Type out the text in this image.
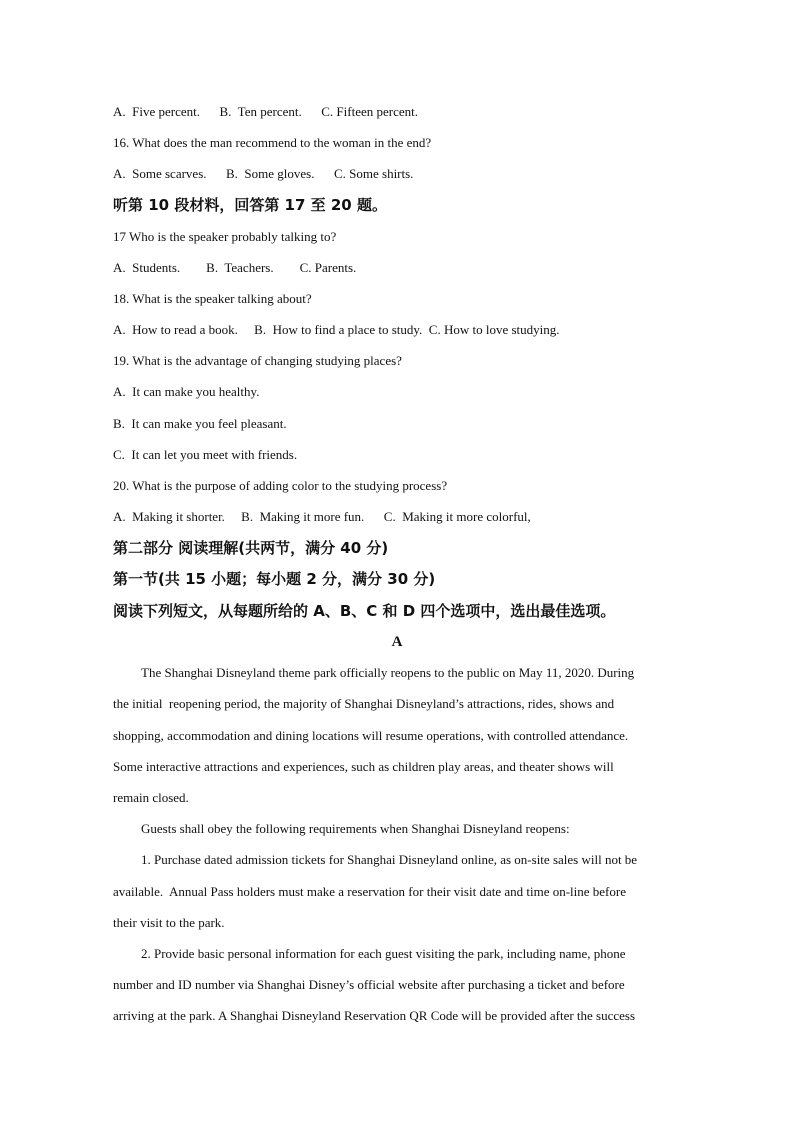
A.  Five percent.      B.  Ten percent.      C. Fifteen percent.
16. What does the man recommend to the woman in the end?
A.  Some scarves.      B.  Some gloves.      C. Some shirts.
听第 10 段材料，回答第 17 至 20 题。
17 Who is the speaker probably talking to?
A.  Students.        B.  Teachers.        C. Parents.
18. What is the speaker talking about?
A.  How to read a book.     B.  How to find a place to study.  C. How to love studying.
19. What is the advantage of changing studying places?
A.  It can make you healthy.
B.  It can make you feel pleasant.
C.  It can let you meet with friends.
20. What is the purpose of adding color to the studying process?
A.  Making it shorter.     B.  Making it more fun.      C.  Making it more colorful,
第二部分 阅读理解(共两节，满分 40 分)
第一节(共 15 小题；每小题 2 分，满分 30 分)
阅读下列短文，从每题所给的 A、B、C 和 D 四个选项中，选出最佳选项。
A
The Shanghai Disneyland theme park officially reopens to the public on May 11, 2020. During
the initial  reopening period, the majority of Shanghai Disneyland’s attractions, rides, shows and
shopping, accommodation and dining locations will resume operations, with controlled attendance.
Some interactive attractions and experiences, such as children play areas, and theater shows will
remain closed.
Guests shall obey the following requirements when Shanghai Disneyland reopens:
1. Purchase dated admission tickets for Shanghai Disneyland online, as on-site sales will not be
available.  Annual Pass holders must make a reservation for their visit date and time on-line before
their visit to the park.
2. Provide basic personal information for each guest visiting the park, including name, phone
number and ID number via Shanghai Disney’s official website after purchasing a ticket and before
arriving at the park. A Shanghai Disneyland Reservation QR Code will be provided after the success
